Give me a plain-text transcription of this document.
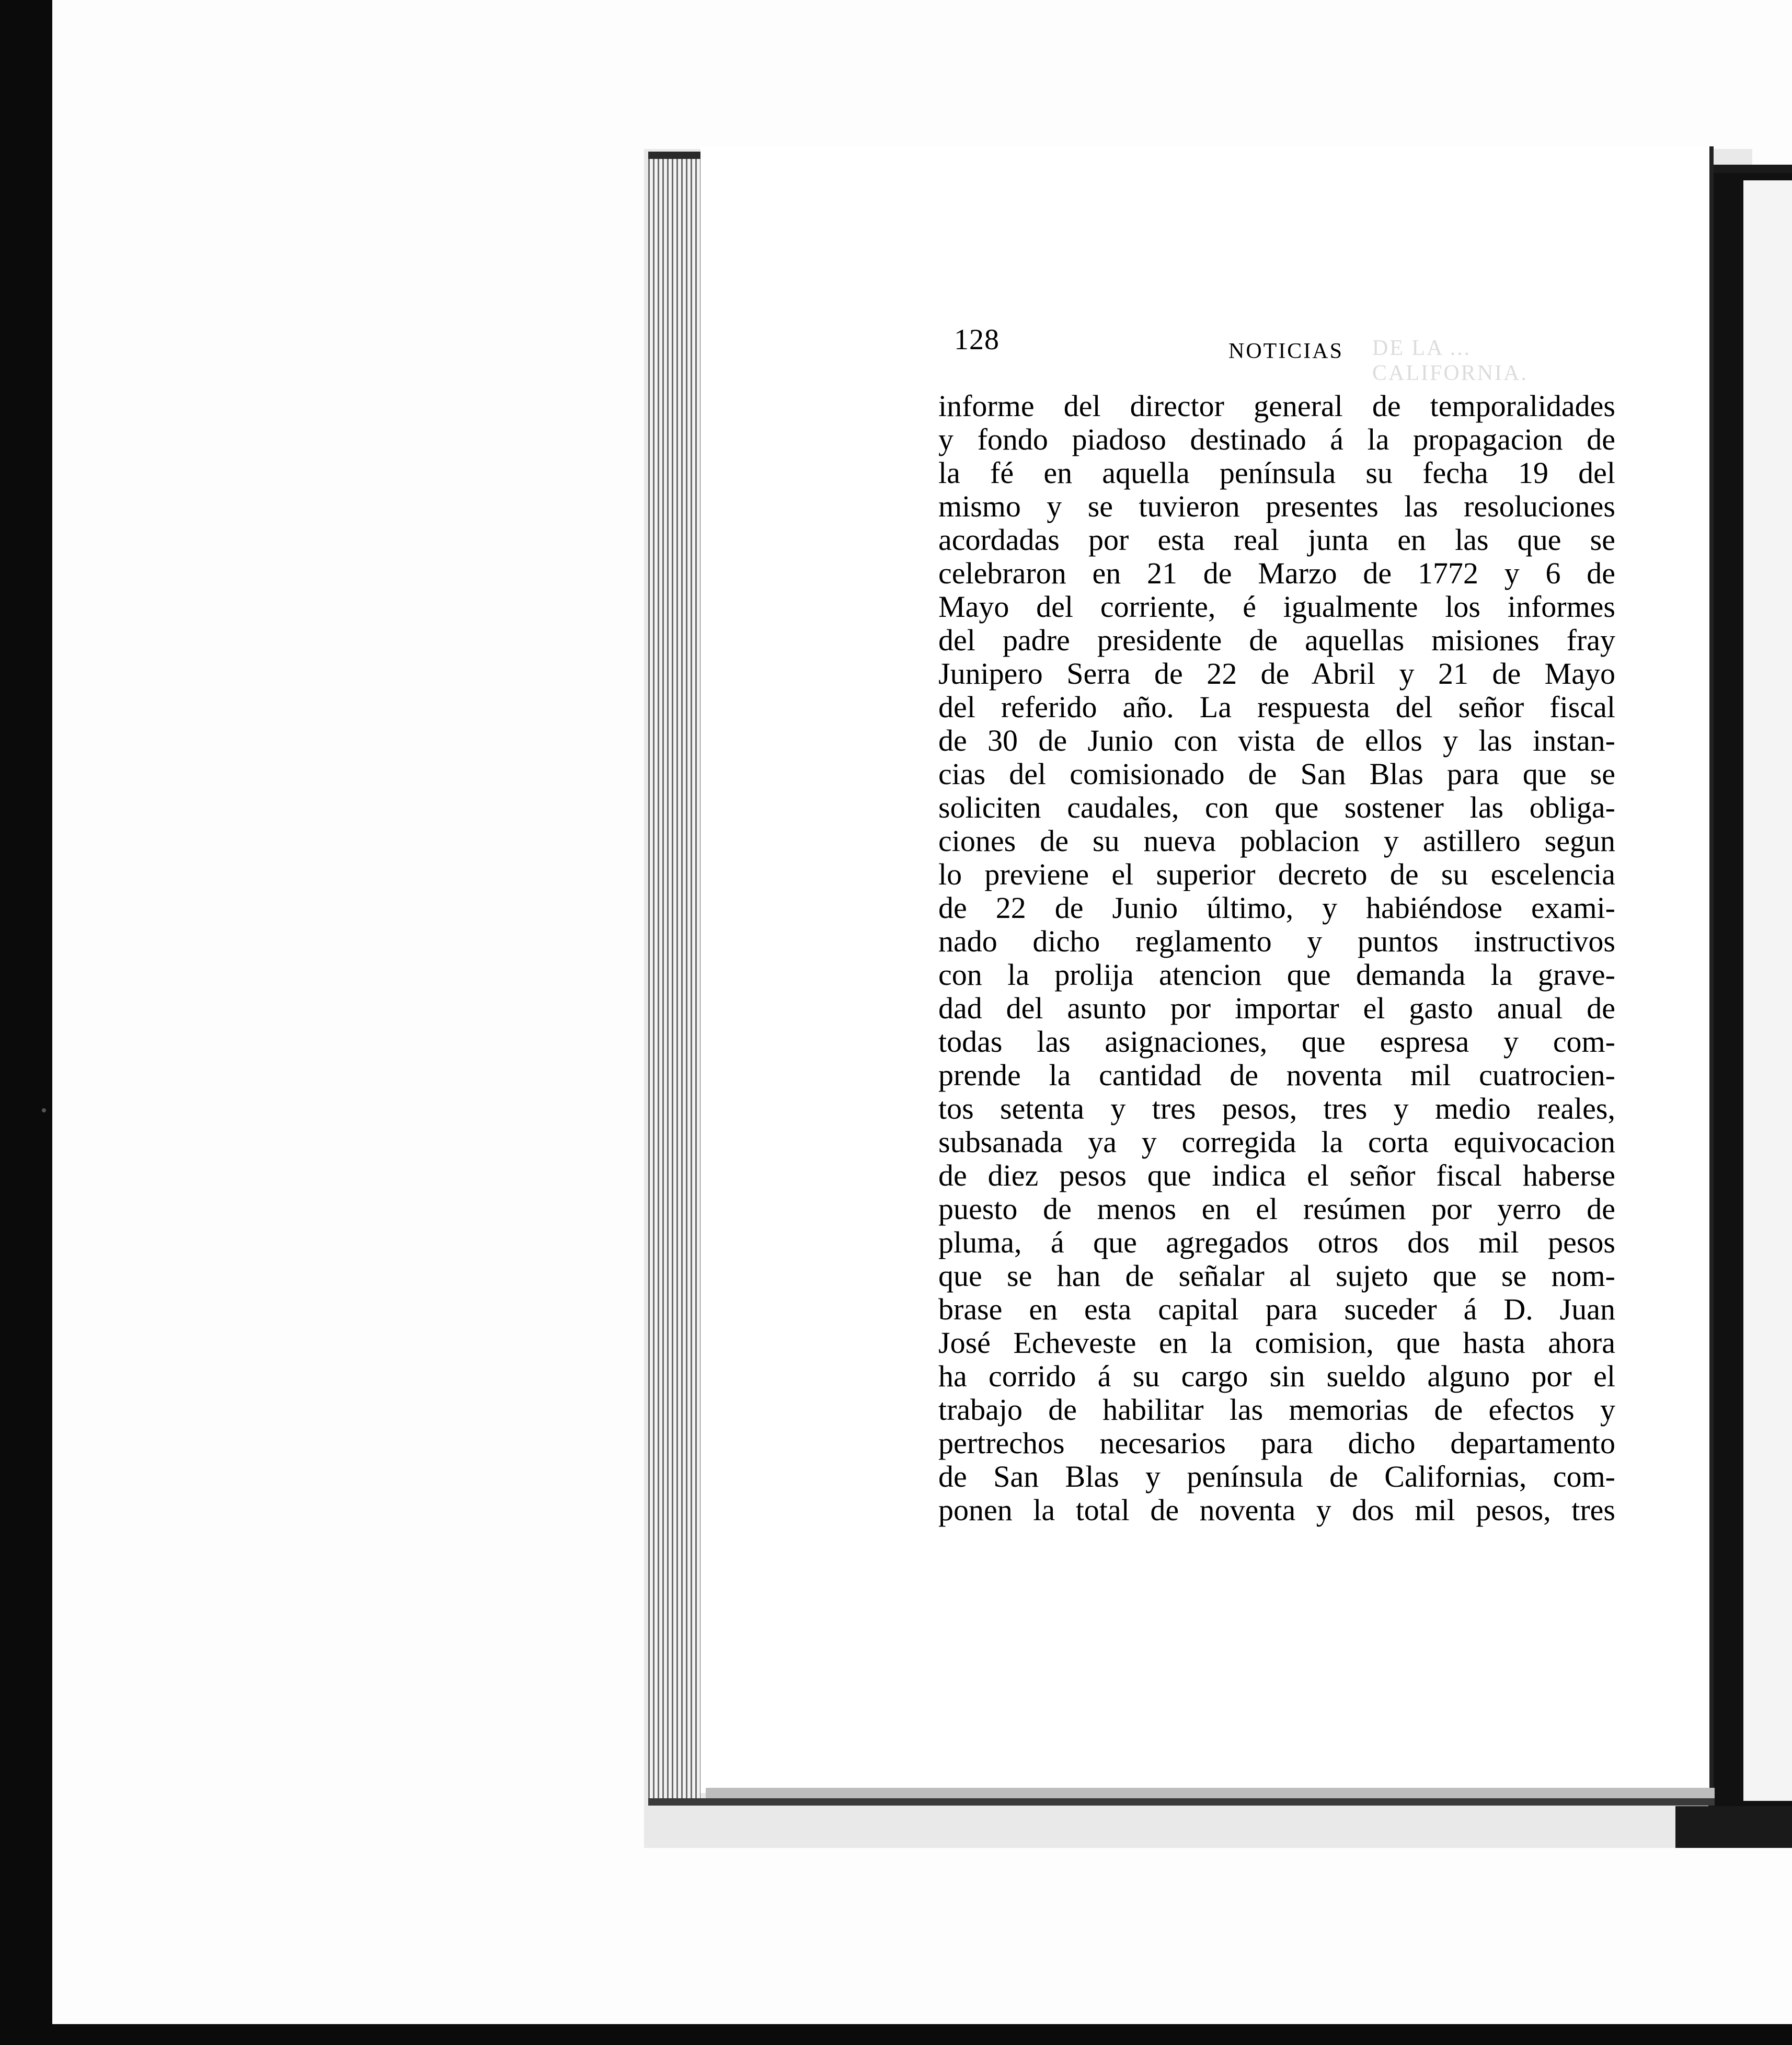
DE LA ... CALIFORNIA.
128	NOTICIAS
informe del director general de temporalidades
y fondo piadoso destinado á la propagacion de
la fé en aquella península su fecha 19 del
mismo y se tuvieron presentes las resoluciones
acordadas por esta real junta en las que se
celebraron en 21 de Marzo de 1772 y 6 de
Mayo del corriente, é igualmente los informes
del padre presidente de aquellas misiones fray
Junipero Serra de 22 de Abril y 21 de Mayo
del referido año. La respuesta del señor fiscal
de 30 de Junio con vista de ellos y las instan-
cias del comisionado de San Blas para que se
soliciten caudales, con que sostener las obliga-
ciones de su nueva poblacion y astillero segun
lo previene el superior decreto de su escelencia
de 22 de Junio último, y habiéndose exami-
nado dicho reglamento y puntos instructivos
con la prolija atencion que demanda la grave-
dad del asunto por importar el gasto anual de
todas las asignaciones, que espresa y com-
prende la cantidad de noventa mil cuatrocien-
tos setenta y tres pesos, tres y medio reales,
subsanada ya y corregida la corta equivocacion
de diez pesos que indica el señor fiscal haberse
puesto de menos en el resúmen por yerro de
pluma, á que agregados otros dos mil pesos
que se han de señalar al sujeto que se nom-
brase en esta capital para suceder á D. Juan
José Echeveste en la comision, que hasta ahora
ha corrido á su cargo sin sueldo alguno por el
trabajo de habilitar las memorias de efectos y
pertrechos necesarios para dicho departamento
de San Blas y península de Californias, com-
ponen la total de noventa y dos mil pesos, tres
